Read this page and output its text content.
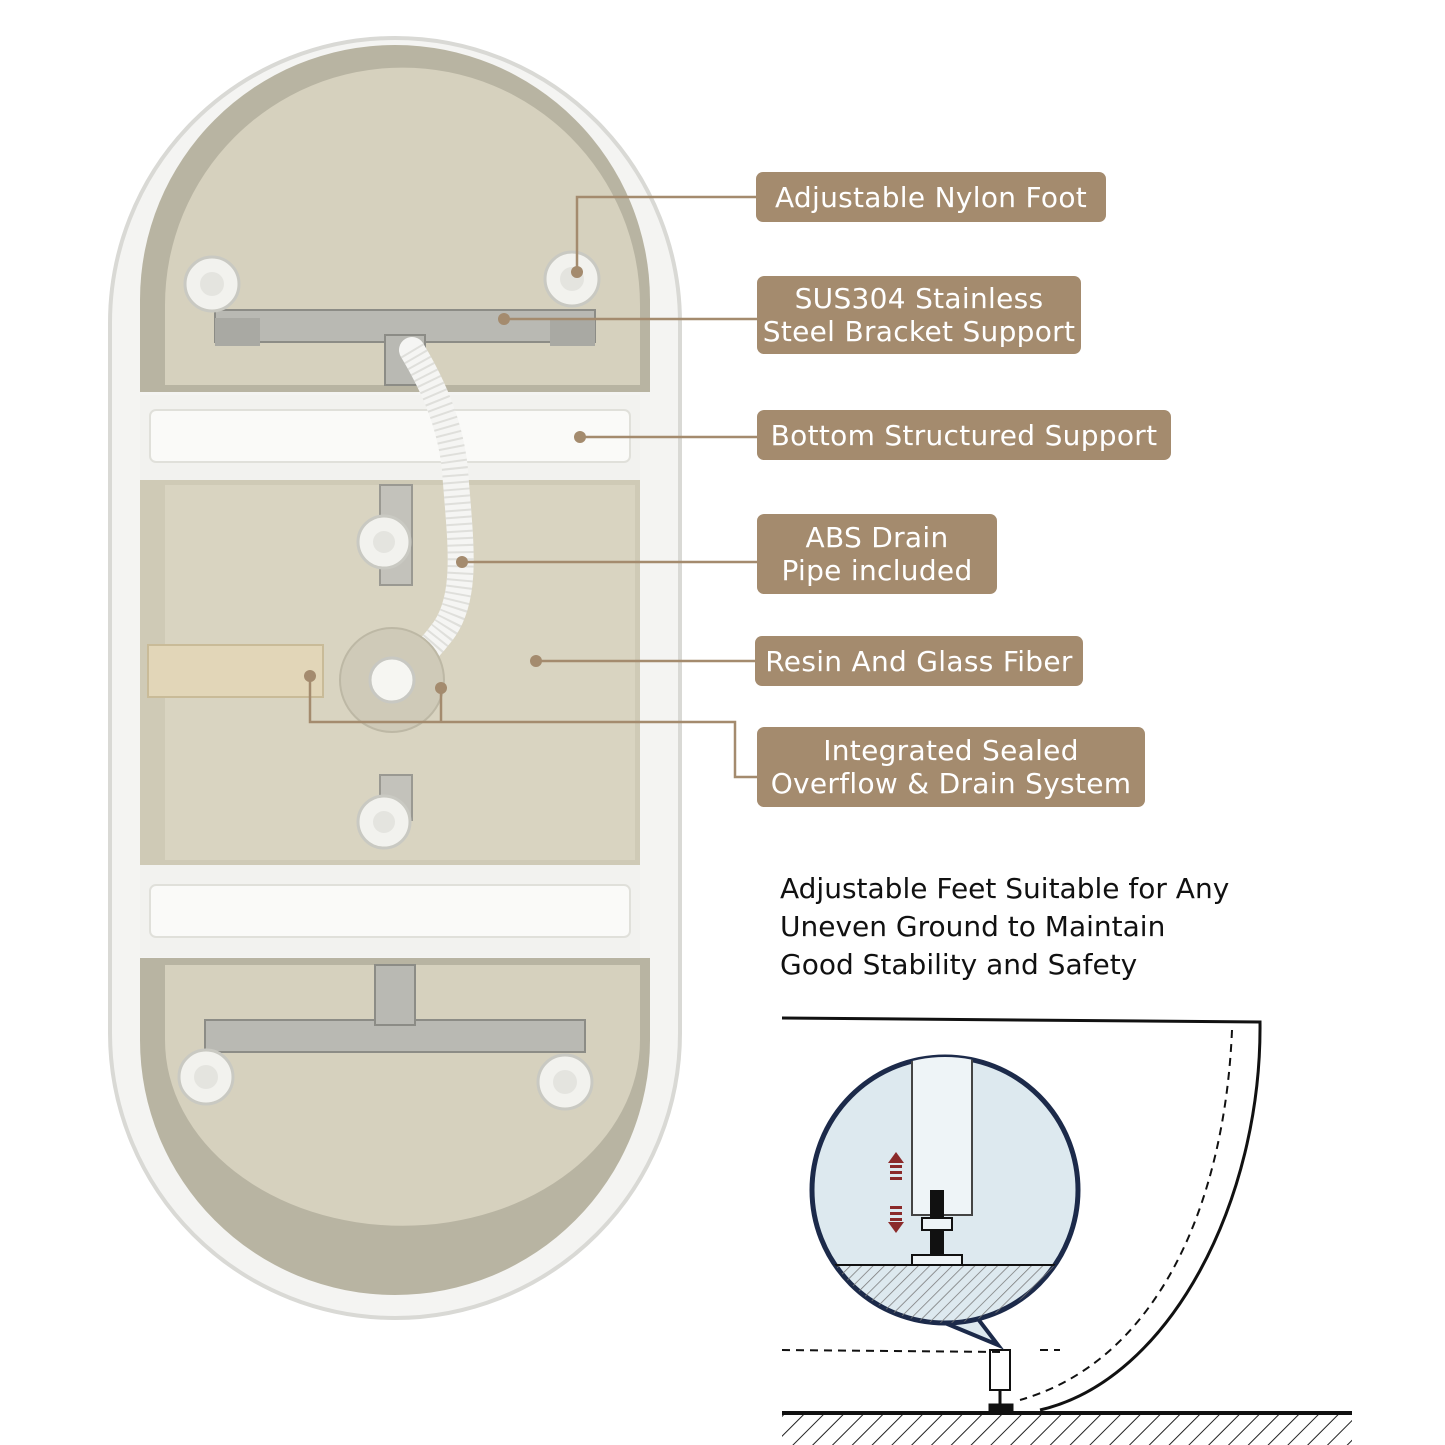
Adjustable Nylon Foot
SUS304 Stainless
Steel Bracket Support
Bottom Structured Support
ABS Drain
Pipe included
Resin And Glass Fiber
Integrated Sealed
Overflow & Drain System
Adjustable Feet Suitable for Any
Uneven Ground to Maintain
Good Stability and Safety
